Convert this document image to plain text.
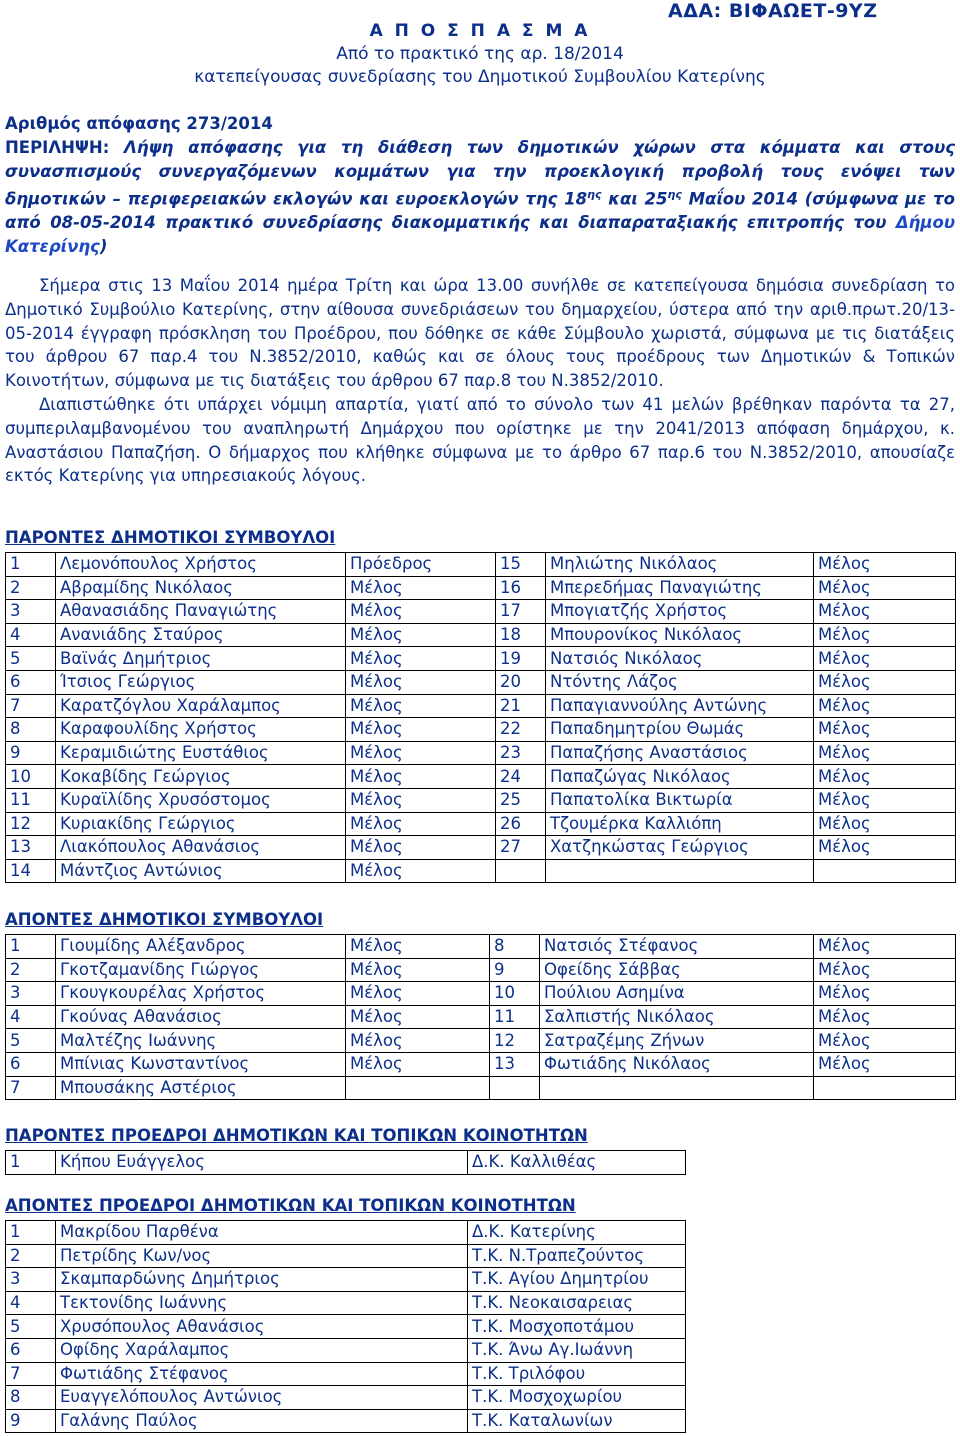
ΑΔΑ: ΒΙΦΑΩΕΤ-9ΥΖ
Α Π Ο Σ Π Α Σ Μ Α
Από το πρακτικό της αρ. 18/2014
κατεπείγουσας συνεδρίασης του Δημοτικού Συμβουλίου Κατερίνης
Αριθμός απόφασης 273/2014
ΠΕΡΙΛΗΨΗ: Λήψη απόφασης για τη διάθεση των δημοτικών χώρων στα κόμματα και στους συνασπισμούς συνεργαζόμενων κομμάτων για την προεκλογική προβολή τους ενόψει των δημοτικών – περιφερειακών εκλογών και ευροεκλογών της $18^{\eta\varsigma}$ και $25^{\eta\varsigma}$ Μαΐου 2014 (σύμφωνα με το από 08-05-2014 πρακτικό συνεδρίασης διακομματικής και διαπαραταξιακής επιτροπής του Δήμου Κατερίνης)

Σήμερα στις 13 Μαΐου 2014 ημέρα Τρίτη και ώρα 13.00 συνήλθε σε κατεπείγουσα δημόσια συνεδρίαση το Δημοτικό Συμβούλιο Κατερίνης, στην αίθουσα συνεδριάσεων του δημαρχείου, ύστερα από την αριθ.πρωτ.20/13-05-2014 έγγραφη πρόσκληση του Προέδρου, που δόθηκε σε κάθε Σύμβουλο χωριστά, σύμφωνα με τις διατάξεις του άρθρου 67 παρ.4 του Ν.3852/2010, καθώς και σε όλους τους προέδρους των Δημοτικών & Τοπικών Κοινοτήτων, σύμφωνα με τις διατάξεις του άρθρου 67 παρ.8 του Ν.3852/2010.

Διαπιστώθηκε ότι υπάρχει νόμιμη απαρτία, γιατί από το σύνολο των 41 μελών βρέθηκαν παρόντα τα 27, συμπεριλαμβανομένου του αναπληρωτή Δημάρχου που ορίστηκε με την 2041/2013 απόφαση δημάρχου, κ. Αναστάσιου Παπαζήση. Ο δήμαρχος που κλήθηκε σύμφωνα με το άρθρο 67 παρ.6 του Ν.3852/2010, απουσίαζε εκτός Κατερίνης για υπηρεσιακούς λόγους.

ΠΑΡΟΝΤΕΣ ΔΗΜΟΤΙΚΟΙ ΣΥΜΒΟΥΛΟΙ
1	Λεμονόπουλος Χρήστος	Πρόεδρος	15	Μηλιώτης Νικόλαος	Μέλος
2	Αβραμίδης Νικόλαος	Μέλος	16	Μπερεδήμας Παναγιώτης	Μέλος
3	Αθανασιάδης Παναγιώτης	Μέλος	17	Μπογιατζής Χρήστος	Μέλος
4	Ανανιάδης Σταύρος	Μέλος	18	Μπουρονίκος Νικόλαος	Μέλος
5	Βαϊνάς Δημήτριος	Μέλος	19	Νατσιός Νικόλαος	Μέλος
6	Ίτσιος Γεώργιος	Μέλος	20	Ντόντης Λάζος	Μέλος
7	Καρατζόγλου Χαράλαμπος	Μέλος	21	Παπαγιαννούλης Αντώνης	Μέλος
8	Καραφουλίδης Χρήστος	Μέλος	22	Παπαδημητρίου Θωμάς	Μέλος
9	Κεραμιδιώτης Ευστάθιος	Μέλος	23	Παπαζήσης Αναστάσιος	Μέλος
10	Κοκαβίδης Γεώργιος	Μέλος	24	Παπαζώγας Νικόλαος	Μέλος
11	Κυραϊλίδης Χρυσόστομος	Μέλος	25	Παπατολίκα Βικτωρία	Μέλος
12	Κυριακίδης Γεώργιος	Μέλος	26	Τζουμέρκα Καλλιόπη	Μέλος
13	Λιακόπουλος Αθανάσιος	Μέλος	27	Χατζηκώστας Γεώργιος	Μέλος
14	Μάντζιος Αντώνιος	Μέλος			
ΑΠΟΝΤΕΣ ΔΗΜΟΤΙΚΟΙ ΣΥΜΒΟΥΛΟΙ
1	Γιουμίδης Αλέξανδρος	Μέλος	8	Νατσιός Στέφανος	Μέλος
2	Γκοτζαμανίδης Γιώργος	Μέλος	9	Οφείδης Σάββας	Μέλος
3	Γκουγκουρέλας Χρήστος	Μέλος	10	Πούλιου Ασημίνα	Μέλος
4	Γκούνας Αθανάσιος	Μέλος	11	Σαλπιστής Νικόλαος	Μέλος
5	Μαλτέζης Ιωάννης	Μέλος	12	Σατραζέμης Ζήνων	Μέλος
6	Μπίνιας Κωνσταντίνος	Μέλος	13	Φωτιάδης Νικόλαος	Μέλος
7	Μπουσάκης Αστέριος				
ΠΑΡΟΝΤΕΣ ΠΡΟΕΔΡΟΙ ΔΗΜΟΤΙΚΩΝ ΚΑΙ ΤΟΠΙΚΩΝ ΚΟΙΝΟΤΗΤΩΝ
1	Κήπου Ευάγγελος	Δ.Κ. Καλλιθέας
ΑΠΟΝΤΕΣ ΠΡΟΕΔΡΟΙ ΔΗΜΟΤΙΚΩΝ ΚΑΙ ΤΟΠΙΚΩΝ ΚΟΙΝΟΤΗΤΩΝ
1	Μακρίδου Παρθένα	Δ.Κ. Κατερίνης
2	Πετρίδης Κων/νος	Τ.Κ. Ν.Τραπεζούντος
3	Σκαμπαρδώνης Δημήτριος	Τ.Κ. Αγίου Δημητρίου
4	Τεκτονίδης Ιωάννης	Τ.Κ. Νεοκαισαρειας
5	Χρυσόπουλος Αθανάσιος	Τ.Κ. Μοσχοποτάμου
6	Οφίδης Χαράλαμπος	Τ.Κ. Άνω Αγ.Ιωάννη
7	Φωτιάδης Στέφανος	Τ.Κ. Τριλόφου
8	Ευαγγελόπουλος Αντώνιος	Τ.Κ. Μοσχοχωρίου
9	Γαλάνης Παύλος	Τ.Κ. Καταλωνίων
